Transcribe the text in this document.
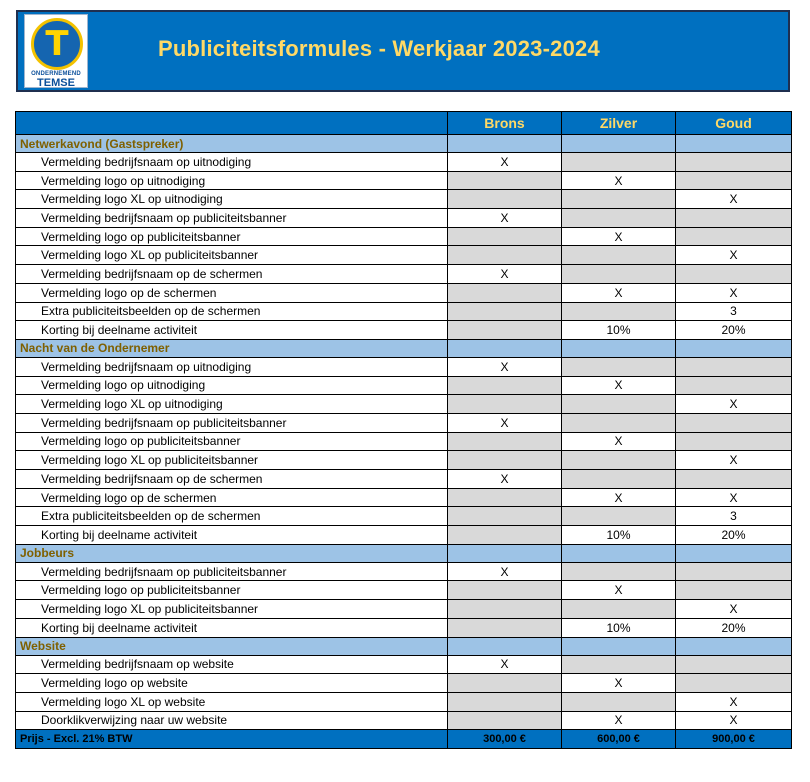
T
ONDERNEMEND
TEMSE
Publiciteitsformules - Werkjaar 2023-2024
	Brons	Zilver	Goud
Netwerkavond (Gastspreker)			
Vermelding bedrijfsnaam op uitnodiging	X		
Vermelding logo op uitnodiging		X	
Vermelding logo XL op uitnodiging			X
Vermelding bedrijfsnaam op publiciteitsbanner	X		
Vermelding logo op publiciteitsbanner		X	
Vermelding logo XL op publiciteitsbanner			X
Vermelding bedrijfsnaam op de schermen	X		
Vermelding logo op de schermen		X	X
Extra publiciteitsbeelden op de schermen			3
Korting bij deelname activiteit		10%	20%
Nacht van de Ondernemer			
Vermelding bedrijfsnaam op uitnodiging	X		
Vermelding logo op uitnodiging		X	
Vermelding logo XL op uitnodiging			X
Vermelding bedrijfsnaam op publiciteitsbanner	X		
Vermelding logo op publiciteitsbanner		X	
Vermelding logo XL op publiciteitsbanner			X
Vermelding bedrijfsnaam op de schermen	X		
Vermelding logo op de schermen		X	X
Extra publiciteitsbeelden op de schermen			3
Korting bij deelname activiteit		10%	20%
Jobbeurs			
Vermelding bedrijfsnaam op publiciteitsbanner	X		
Vermelding logo op publiciteitsbanner		X	
Vermelding logo XL op publiciteitsbanner			X
Korting bij deelname activiteit		10%	20%
Website			
Vermelding bedrijfsnaam op website	X		
Vermelding logo op website		X	
Vermelding logo XL op website			X
Doorklikverwijzing naar uw website		X	X
Prijs - Excl. 21% BTW	300,00 €	600,00 €	900,00 €
